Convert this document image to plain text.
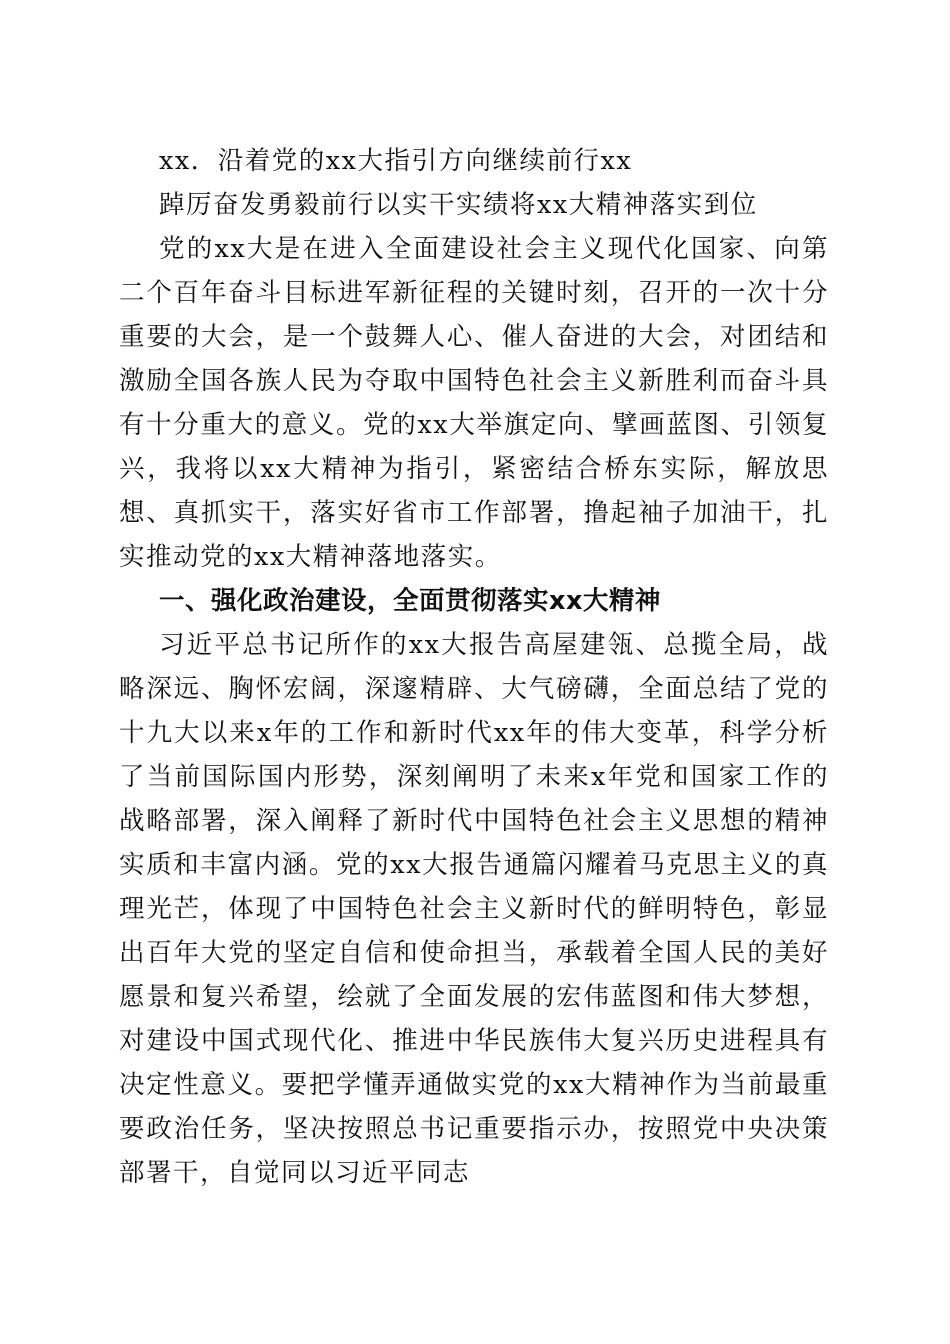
xx．沿着党的xx大指引方向继续前行xx

踔厉奋发勇毅前行以实干实绩将xx大精神落实到位

党的xx大是在进入全面建设社会主义现代化国家、向第二个百年奋斗目标进军新征程的关键时刻，召开的一次十分重要的大会，是一个鼓舞人心、催人奋进的大会，对团结和激励全国各族人民为夺取中国特色社会主义新胜利而奋斗具有十分重大的意义。党的xx大举旗定向、擘画蓝图、引领复兴，我将以xx大精神为指引，紧密结合桥东实际，解放思想、真抓实干，落实好省市工作部署，撸起袖子加油干，扎实推动党的xx大精神落地落实。

一、强化政治建设，全面贯彻落实xx大精神

习近平总书记所作的xx大报告高屋建瓴、总揽全局，战略深远、胸怀宏阔，深邃精辟、大气磅礴，全面总结了党的十九大以来x年的工作和新时代xx年的伟大变革，科学分析了当前国际国内形势，深刻阐明了未来x年党和国家工作的战略部署，深入阐释了新时代中国特色社会主义思想的精神实质和丰富内涵。党的xx大报告通篇闪耀着马克思主义的真理光芒，体现了中国特色社会主义新时代的鲜明特色，彰显出百年大党的坚定自信和使命担当，承载着全国人民的美好愿景和复兴希望，绘就了全面发展的宏伟蓝图和伟大梦想，对建设中国式现代化、推进中华民族伟大复兴历史进程具有决定性意义。要把学懂弄通做实党的xx大精神作为当前最重要政治任务，坚决按照总书记重要指示办，按照党中央决策部署干，自觉同以习近平同志
